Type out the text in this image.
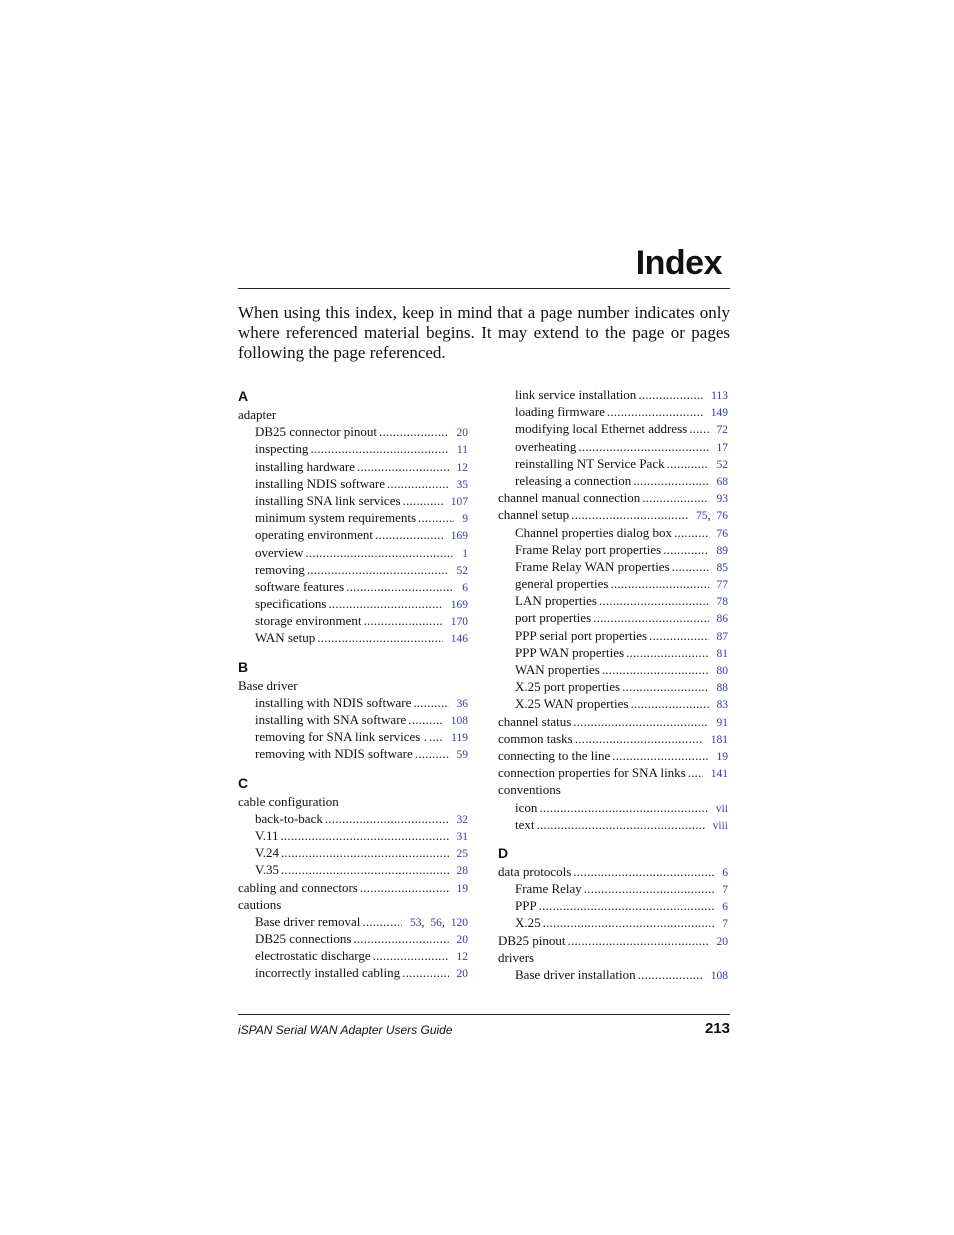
Index
When using this index, keep in mind that a page number indicates only where referenced material begins. It may extend to the page or pages following the page referenced.
A
adapter
DB25 connector pinout .....	20
inspecting .....	11
installing hardware .....	12
installing NDIS software .....	35
installing SNA link services .....	107
minimum system requirements .....	9
operating environment .....	169
overview .....	1
removing .....	52
software features .....	6
specifications .....	169
storage environment .....	170
WAN setup .....	146
B
Base driver
installing with NDIS software .....	36
installing with SNA software .....	108
removing for SNA link services . .....	119
removing with NDIS software .....	59
C
cable configuration
back-to-back .....	32
V.11 .....	31
V.24 .....	25
V.35 .....	28
cabling and connectors .....	19
cautions
Base driver removal .....	53, 56, 120
DB25 connections .....	20
electrostatic discharge .....	12
incorrectly installed cabling .....	20
link service installation .....	113
loading firmware .....	149
modifying local Ethernet address .....	72
overheating .....	17
reinstalling NT Service Pack .....	52
releasing a connection .....	68
channel manual connection .....	93
channel setup .....	75, 76
Channel properties dialog box .....	76
Frame Relay port properties .....	89
Frame Relay WAN properties .....	85
general properties .....	77
LAN properties .....	78
port properties .....	86
PPP serial port properties .....	87
PPP WAN properties .....	81
WAN properties .....	80
X.25 port properties .....	88
X.25 WAN properties .....	83
channel status .....	91
common tasks .....	181
connecting to the line .....	19
connection properties for SNA links .....	141
conventions
icon .....	vii
text .....	viii
D
data protocols .....	6
Frame Relay .....	7
PPP .....	6
X.25 .....	7
DB25 pinout .....	20
drivers
Base driver installation .....	108
iSPAN Serial WAN Adapter Users Guide	213
